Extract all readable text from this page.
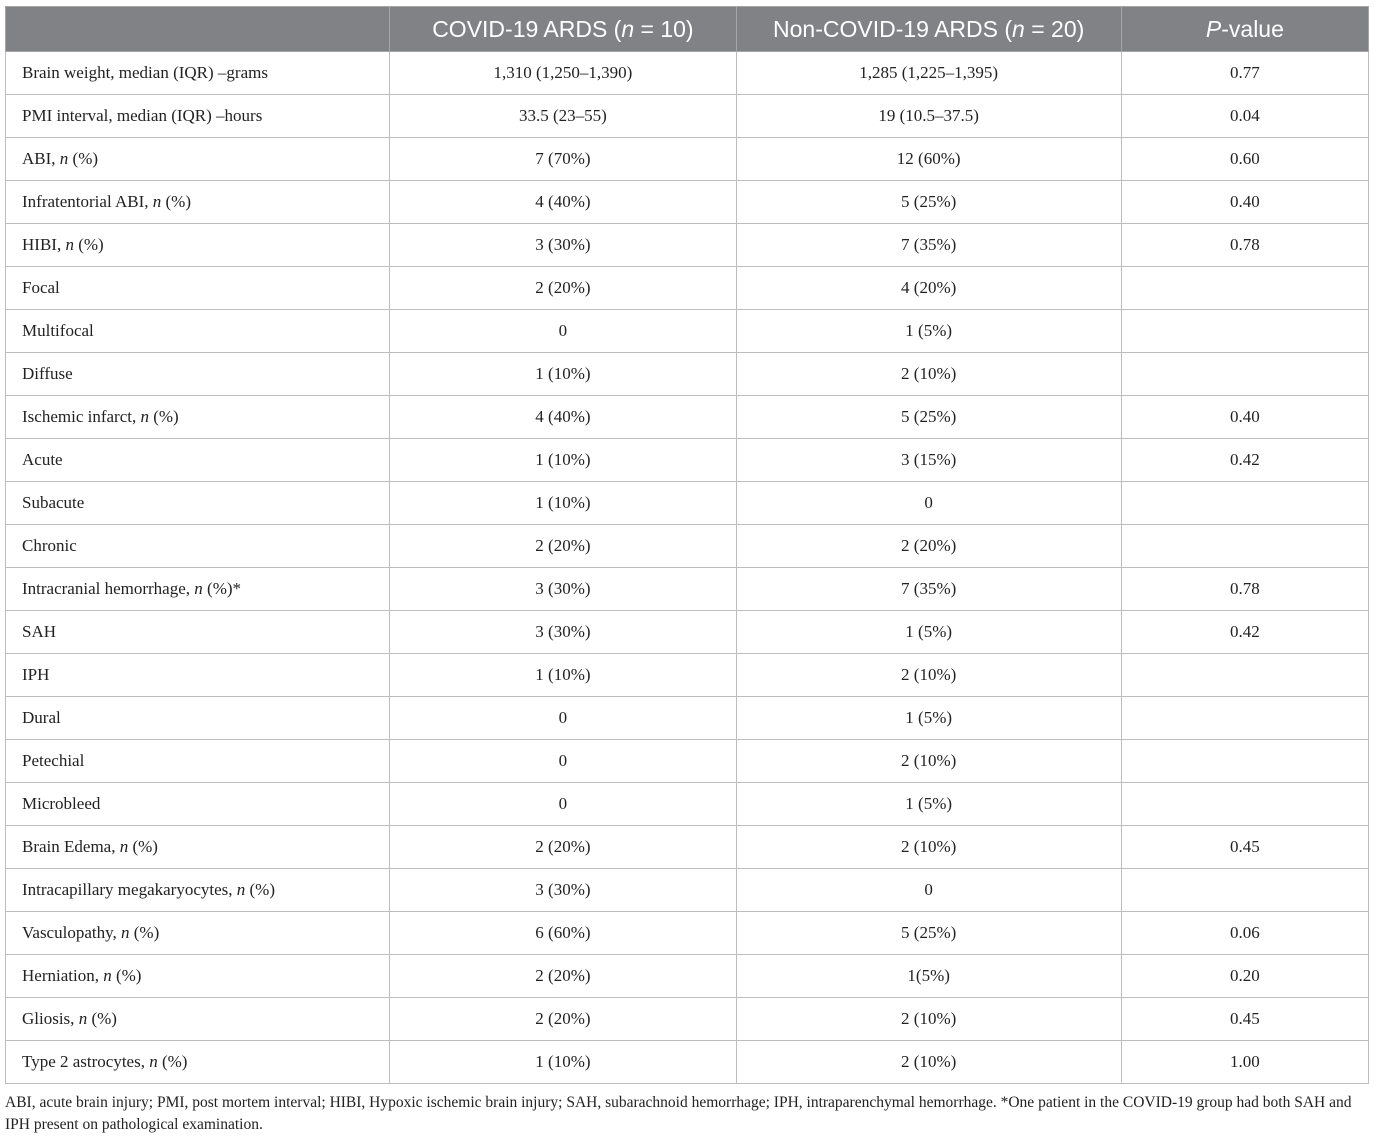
	COVID-19 ARDS (n = 10)	Non-COVID-19 ARDS (n = 20)	P-value
Brain weight, median (IQR) –grams	1,310 (1,250–1,390)	1,285 (1,225–1,395)	0.77
PMI interval, median (IQR) –hours	33.5 (23–55)	19 (10.5–37.5)	0.04
ABI, n (%)	7 (70%)	12 (60%)	0.60
Infratentorial ABI, n (%)	4 (40%)	5 (25%)	0.40
HIBI, n (%)	3 (30%)	7 (35%)	0.78
Focal	2 (20%)	4 (20%)	
Multifocal	0	1 (5%)	
Diffuse	1 (10%)	2 (10%)	
Ischemic infarct, n (%)	4 (40%)	5 (25%)	0.40
Acute	1 (10%)	3 (15%)	0.42
Subacute	1 (10%)	0	
Chronic	2 (20%)	2 (20%)	
Intracranial hemorrhage, n (%)*	3 (30%)	7 (35%)	0.78
SAH	3 (30%)	1 (5%)	0.42
IPH	1 (10%)	2 (10%)	
Dural	0	1 (5%)	
Petechial	0	2 (10%)	
Microbleed	0	1 (5%)	
Brain Edema, n (%)	2 (20%)	2 (10%)	0.45
Intracapillary megakaryocytes, n (%)	3 (30%)	0	
Vasculopathy, n (%)	6 (60%)	5 (25%)	0.06
Herniation, n (%)	2 (20%)	1(5%)	0.20
Gliosis, n (%)	2 (20%)	2 (10%)	0.45
Type 2 astrocytes, n (%)	1 (10%)	2 (10%)	1.00
ABI, acute brain injury; PMI, post mortem interval; HIBI, Hypoxic ischemic brain injury; SAH, subarachnoid hemorrhage; IPH, intraparenchymal hemorrhage. *One patient in the COVID-19 group had both SAH and IPH present on pathological examination.
